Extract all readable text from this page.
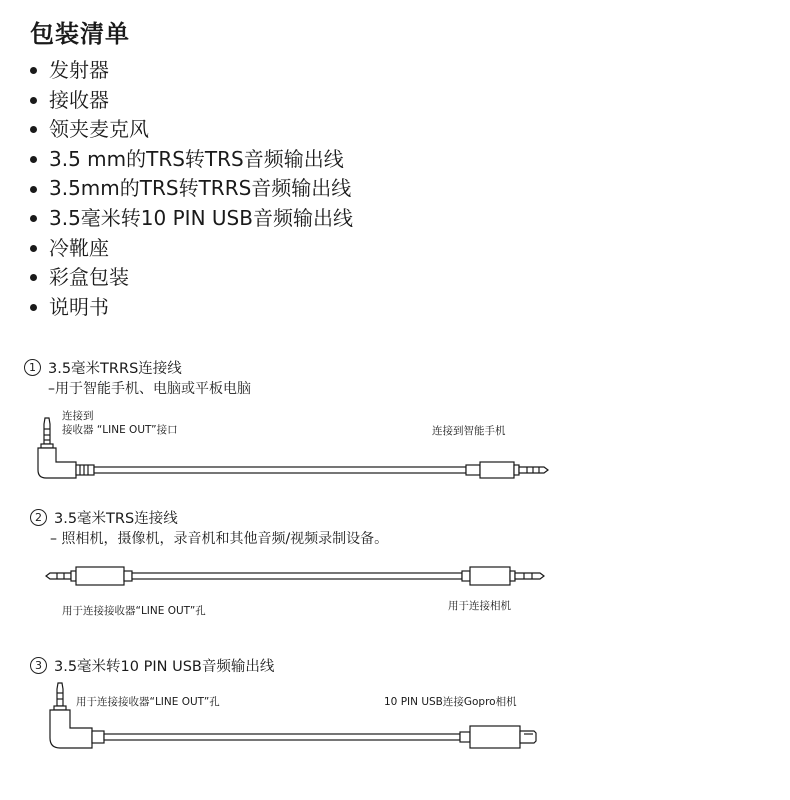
包装清单
发射器
接收器
领夹麦克风
3.5 mm的TRS转TRS音频输出线
3.5mm的TRS转TRRS音频输出线
3.5毫米转10 PIN USB音频输出线
冷靴座
彩盒包装
说明书
1 3.5毫米TRRS连接线
–用于智能手机、电脑或平板电脑
连接到
接收器 “LINE OUT”接口	连接到智能手机
2 3.5毫米TRS连接线
– 照相机，摄像机，录音机和其他音频/视频录制设备。
用于连接接收器“LINE OUT”孔	用于连接相机
3 3.5毫米转10 PIN USB音频输出线
用于连接接收器“LINE OUT”孔	10 PIN USB连接Gopro相机
